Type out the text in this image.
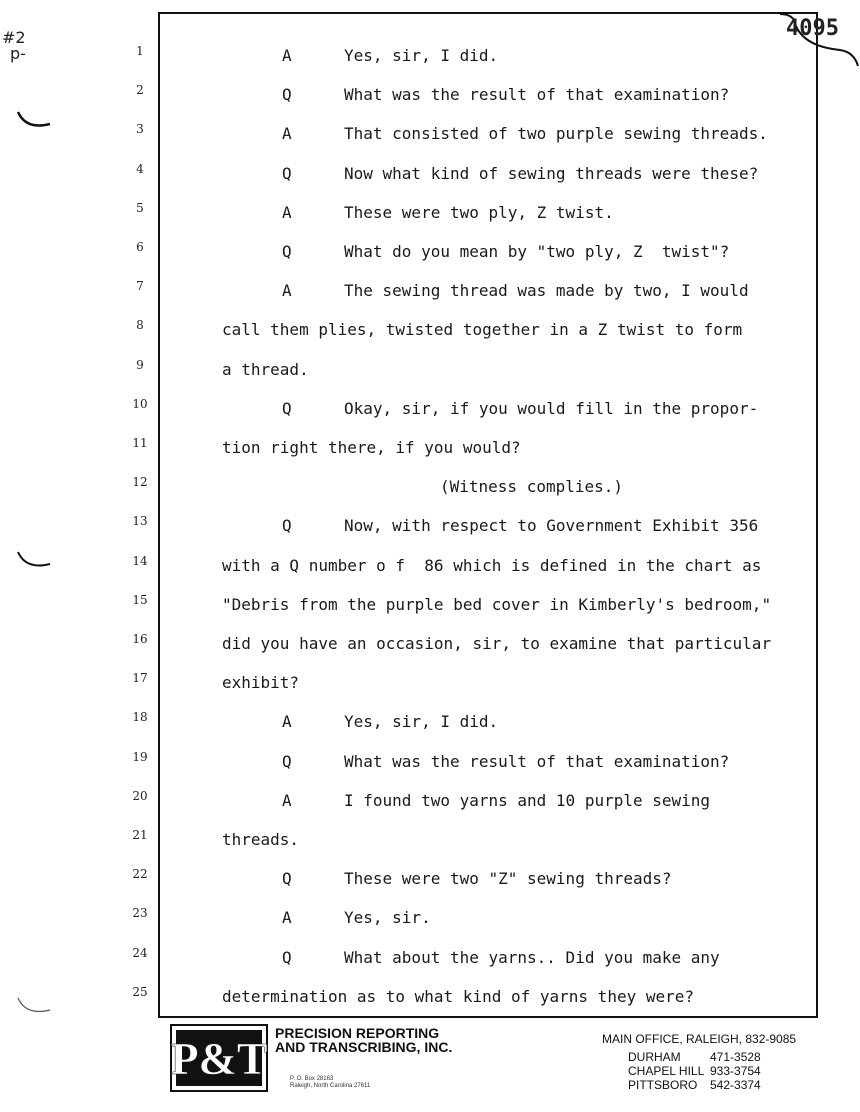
#2
p-
4095
1
2
3
4
5
6
7
8
9
10
11
12
13
14
15
16
17
18
19
20
21
22
23
24
25
A	Yes, sir, I did.
Q	What was the result of that examination?
A	That consisted of two purple sewing threads.
Q	Now what kind of sewing threads were these?
A	These were two ply, Z twist.
Q	What do you mean by "two ply, Z  twist"?
A	The sewing thread was made by two, I would
call them plies, twisted together in a Z twist to form
a thread.
Q	Okay, sir, if you would fill in the propor-
tion right there, if you would?
(Witness complies.)
Q	Now, with respect to Government Exhibit 356
with a Q number o f  86 which is defined in the chart as
"Debris from the purple bed cover in Kimberly's bedroom,"
did you have an occasion, sir, to examine that particular
exhibit?
A	Yes, sir, I did.
Q	What was the result of that examination?
A	I found two yarns and 10 purple sewing
threads.
Q	These were two "Z" sewing threads?
A	Yes, sir.
Q	What about the yarns.. Did you make any
determination as to what kind of yarns they were?
P&T PRECISION REPORTING
AND TRANSCRIBING, INC.
P. O. Box 28163
Raleigh, North Carolina 27611
MAIN OFFICE, RALEIGH, 832-9085
DURHAM 471-3528
CHAPEL HILL 933-3754
PITTSBORO 542-3374
